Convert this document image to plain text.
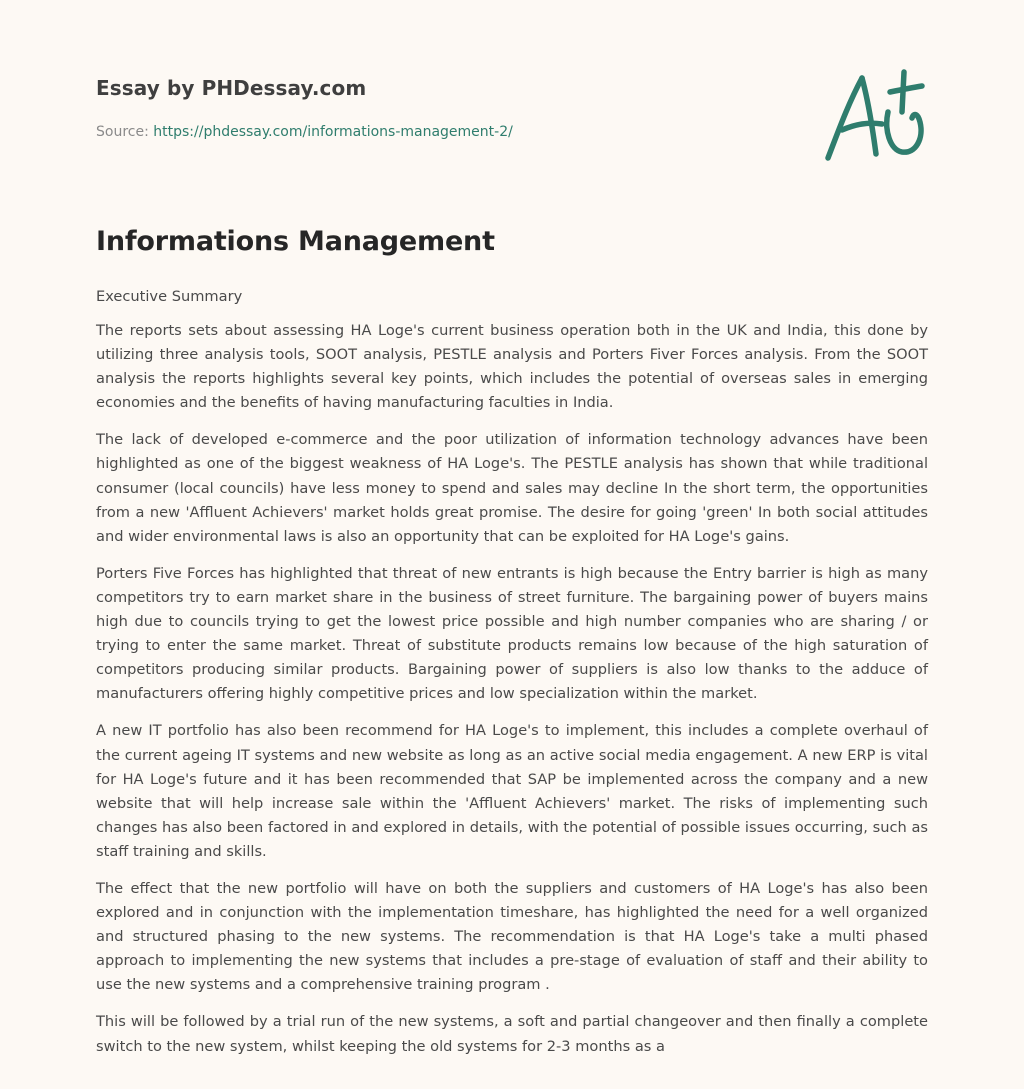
Essay by PHDessay.com
Source: https://phdessay.com/informations-management-2/
Informations Management

Executive Summary

The reports sets about assessing HA Loge's current business operation both in the UK and India, this done by utilizing three analysis tools, SOOT analysis, PESTLE analysis and Porters Fiver Forces analysis. From the SOOT analysis the reports highlights several key points, which includes the potential of overseas sales in emerging economies and the benefits of having manufacturing faculties in India.

The lack of developed e-commerce and the poor utilization of information technology advances have been highlighted as one of the biggest weakness of HA Loge's. The PESTLE analysis has shown that while traditional consumer (local councils) have less money to spend and sales may decline In the short term, the opportunities from a new 'Affluent Achievers' market holds great promise. The desire for going 'green' In both social attitudes and wider environmental laws is also an opportunity that can be exploited for HA Loge's gains.

Porters Five Forces has highlighted that threat of new entrants is high because the Entry barrier is high as many competitors try to earn market share in the business of street furniture. The bargaining power of buyers mains high due to councils trying to get the lowest price possible and high number companies who are sharing / or trying to enter the same market. Threat of substitute products remains low because of the high saturation of competitors producing similar products. Bargaining power of suppliers is also low thanks to the adduce of manufacturers offering highly competitive prices and low specialization within the market.

A new IT portfolio has also been recommend for HA Loge's to implement, this includes a complete overhaul of the current ageing IT systems and new website as long as an active social media engagement. A new ERP is vital for HA Loge's future and it has been recommended that SAP be implemented across the company and a new website that will help increase sale within the 'Affluent Achievers' market. The risks of implementing such changes has also been factored in and explored in details, with the potential of possible issues occurring, such as staff training and skills.

The effect that the new portfolio will have on both the suppliers and customers of HA Loge's has also been explored and in conjunction with the implementation timeshare, has highlighted the need for a well organized and structured phasing to the new systems. The recommendation is that HA Loge's take a multi phased approach to implementing the new systems that includes a pre-stage of evaluation of staff and their ability to use the new systems and a comprehensive training program .

This will be followed by a trial run of the new systems, a soft and partial changeover and then finally a complete switch to the new system, whilst keeping the old systems for 2-3 months as a
